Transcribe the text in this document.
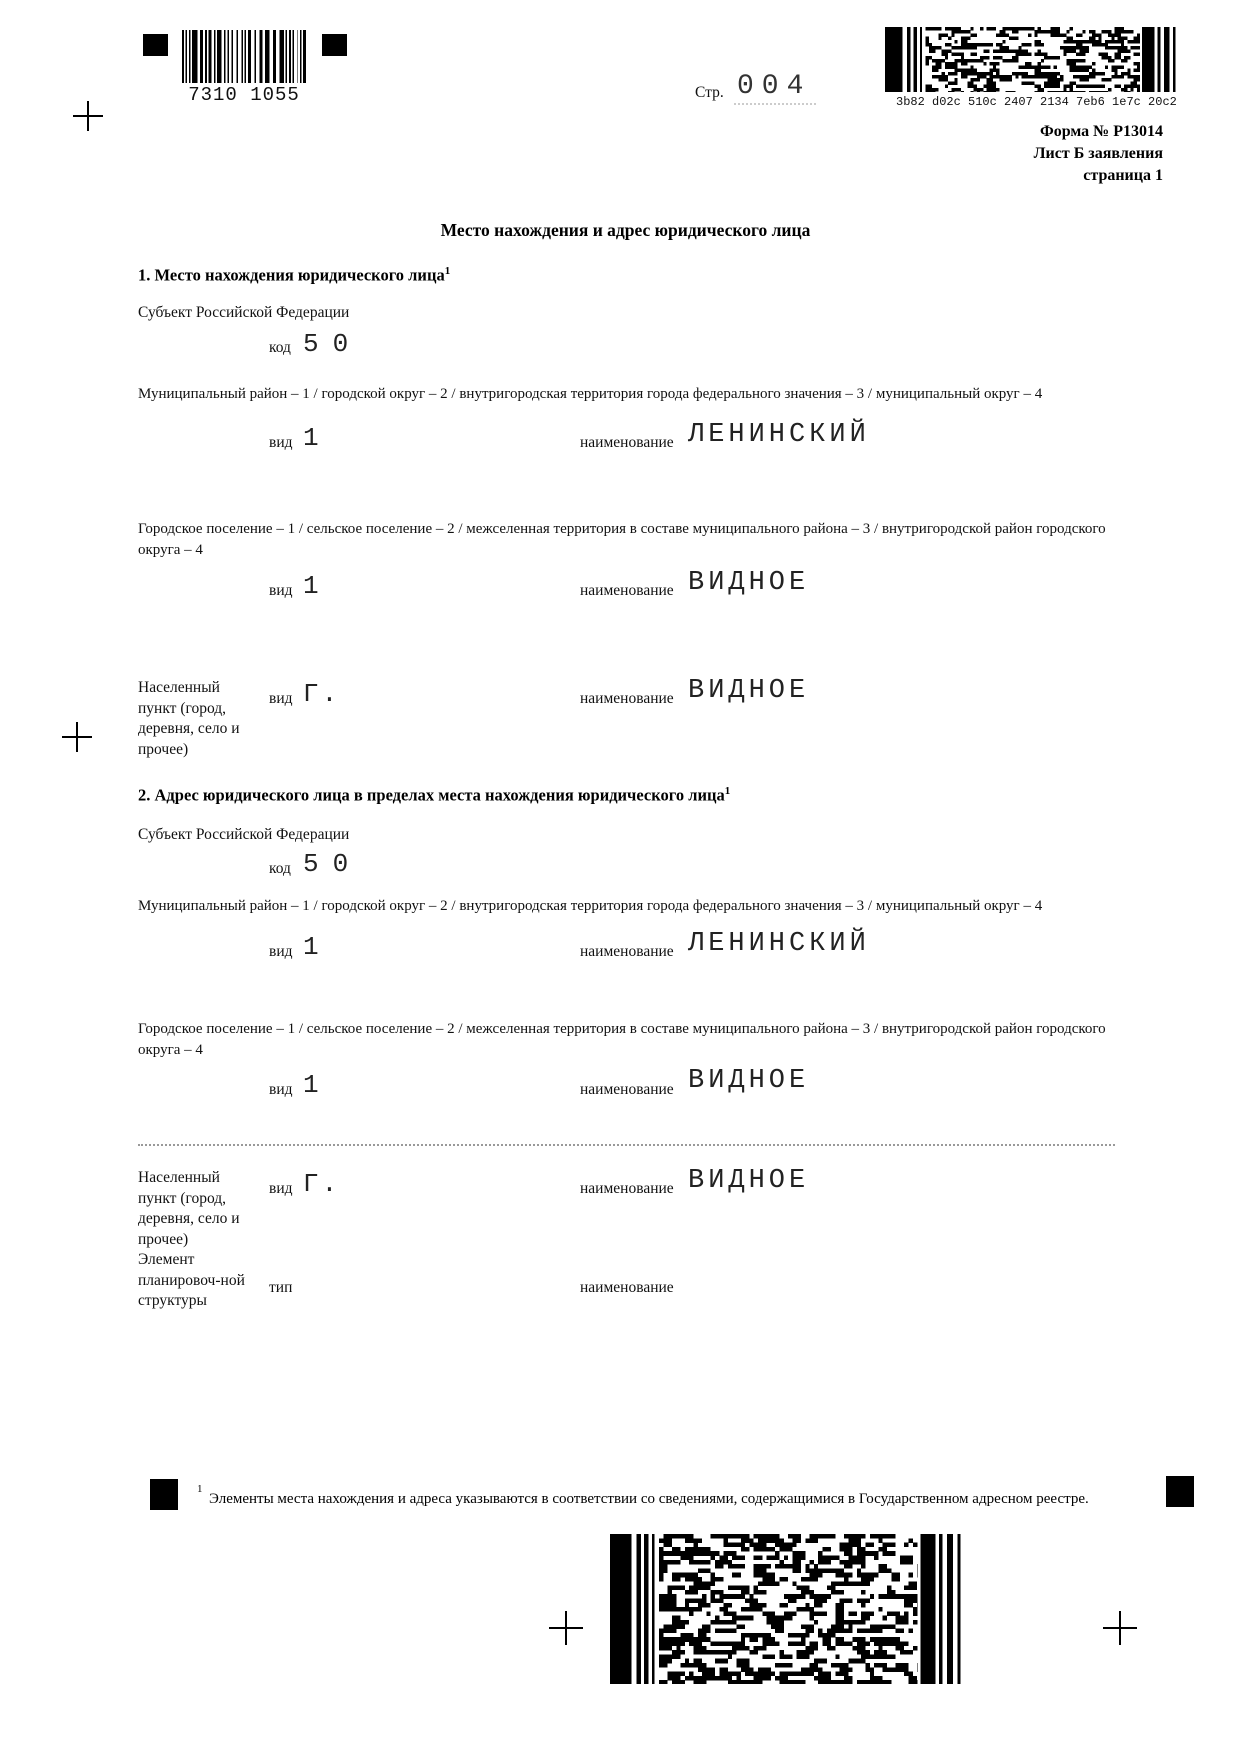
7310 1055	Стр. 004	3b82 d02c 510c 2407 2134 7eb6 1e7c 20c2
Форма № Р13014
Лист Б заявления
страница 1
Место нахождения и адрес юридического лица
1. Место нахождения юридического лица$^1$
Субъект Российской Федерации
код 50
Муниципальный район – 1 / городской округ – 2 / внутригородская территория города федерального значения – 3 / муниципальный округ – 4
вид 1	наименование ЛЕНИНСКИЙ
Городское поселение – 1 / сельское поселение – 2 / межселенная территория в составе муниципального района – 3 / внутригородской район городского округа – 4
вид 1	наименование ВИДНОЕ
Населенный пункт (город, деревня, село и прочее)
вид Г.	наименование ВИДНОЕ
2. Адрес юридического лица в пределах места нахождения юридического лица$^1$
Субъект Российской Федерации
код 50
Муниципальный район – 1 / городской округ – 2 / внутригородская территория города федерального значения – 3 / муниципальный округ – 4
вид 1	наименование ЛЕНИНСКИЙ
Городское поселение – 1 / сельское поселение – 2 / межселенная территория в составе муниципального района – 3 / внутригородской район городского округа – 4
вид 1	наименование ВИДНОЕ
Населенный пункт (город, деревня, село и прочее)
вид Г.	наименование ВИДНОЕ
Элемент планировоч-ной структуры
тип	наименование
1
Элементы места нахождения и адреса указываются в соответствии со сведениями, содержащимися в Государственном адресном реестре.
